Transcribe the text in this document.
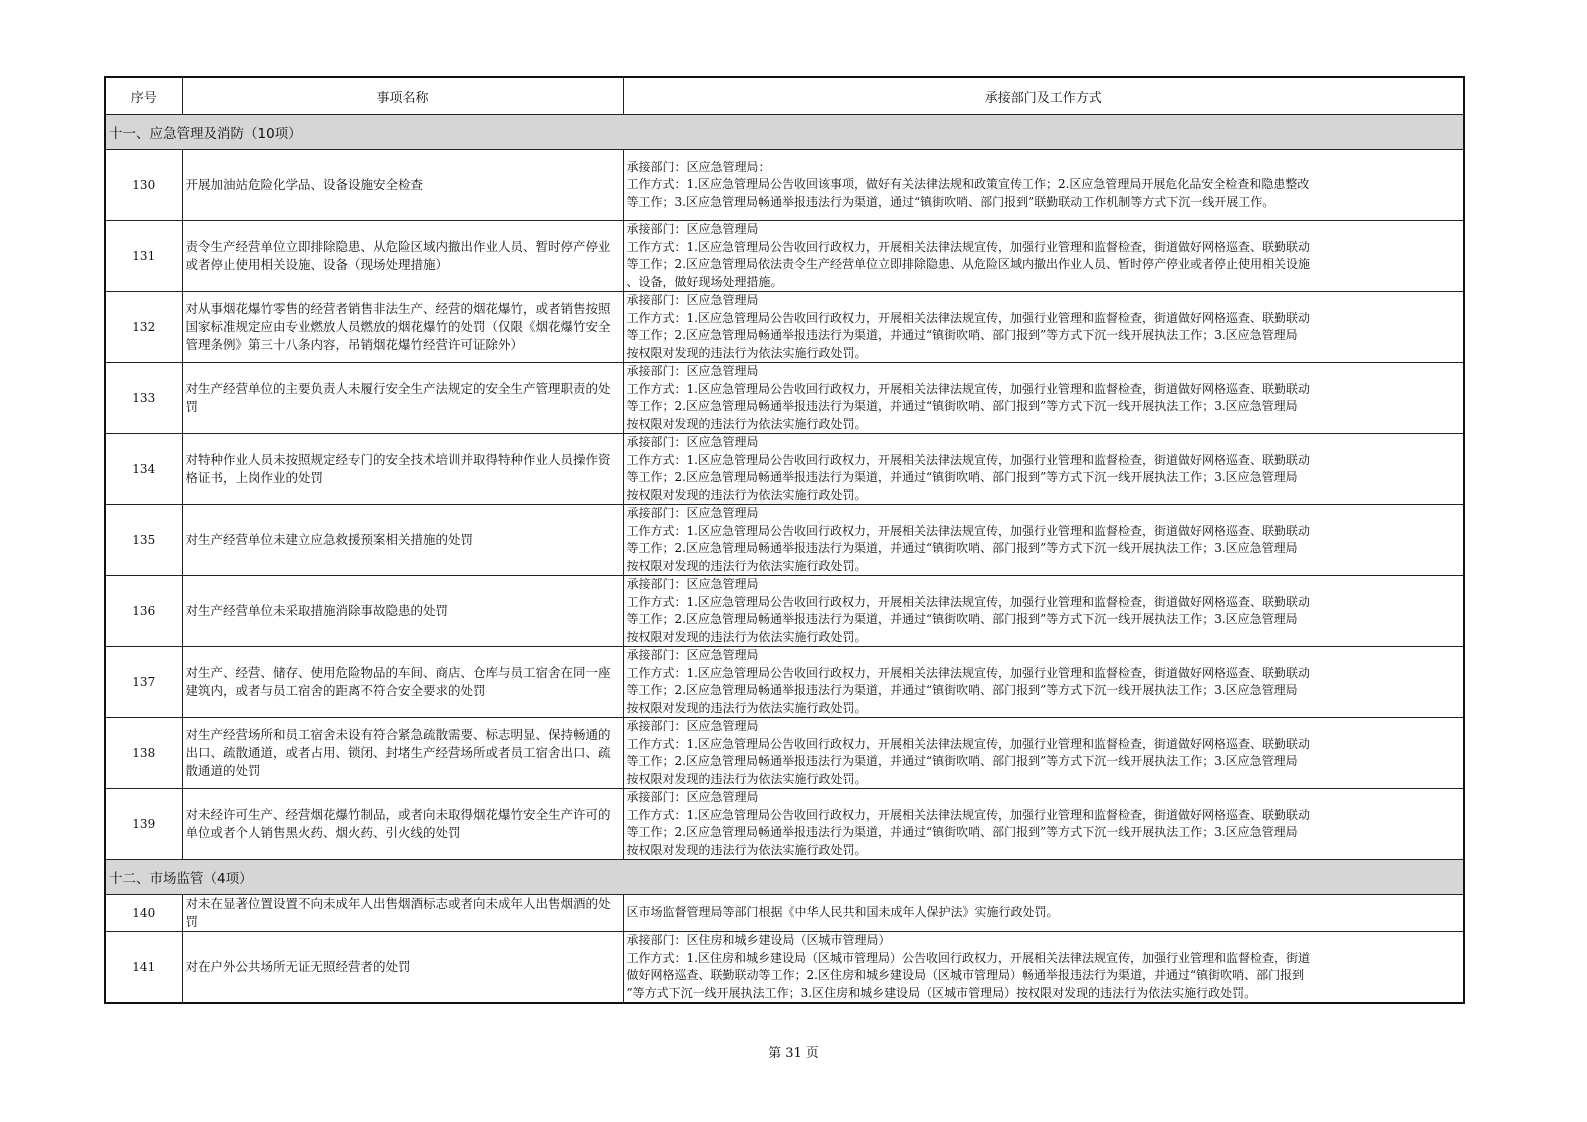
序号	事项名称	承接部门及工作方式
十一、应急管理及消防（10项）		
130	开展加油站危险化学品、设备设施安全检查	承接部门：区应急管理局：
工作方式：1.区应急管理局公告收回该事项，做好有关法律法规和政策宣传工作；2.区应急管理局开展危化品安全检查和隐患整改
等工作；3.区应急管理局畅通举报违法行为渠道，通过“镇街吹哨、部门报到”联勤联动工作机制等方式下沉一线开展工作。

131	责令生产经营单位立即排除隐患、从危险区域内撤出作业人员、暂时停产停业或者停止使用相关设施、设备（现场处理措施）	承接部门：区应急管理局
工作方式：1.区应急管理局公告收回行政权力，开展相关法律法规宣传，加强行业管理和监督检查，街道做好网格巡查、联勤联动
等工作；2.区应急管理局依法责令生产经营单位立即排除隐患、从危险区域内撤出作业人员、暂时停产停业或者停止使用相关设施
、设备，做好现场处理措施。

132	对从事烟花爆竹零售的经营者销售非法生产、经营的烟花爆竹，或者销售按照国家标准规定应由专业燃放人员燃放的烟花爆竹的处罚（仅限《烟花爆竹安全管理条例》第三十八条内容，吊销烟花爆竹经营许可证除外）	承接部门：区应急管理局
工作方式：1.区应急管理局公告收回行政权力，开展相关法律法规宣传，加强行业管理和监督检查，街道做好网格巡查、联勤联动
等工作；2.区应急管理局畅通举报违法行为渠道，并通过“镇街吹哨、部门报到”等方式下沉一线开展执法工作；3.区应急管理局
按权限对发现的违法行为依法实施行政处罚。

133	对生产经营单位的主要负责人未履行安全生产法规定的安全生产管理职责的处罚	承接部门：区应急管理局
工作方式：1.区应急管理局公告收回行政权力，开展相关法律法规宣传，加强行业管理和监督检查，街道做好网格巡查、联勤联动
等工作；2.区应急管理局畅通举报违法行为渠道，并通过“镇街吹哨、部门报到”等方式下沉一线开展执法工作；3.区应急管理局
按权限对发现的违法行为依法实施行政处罚。

134	对特种作业人员未按照规定经专门的安全技术培训并取得特种作业人员操作资格证书，上岗作业的处罚	承接部门：区应急管理局
工作方式：1.区应急管理局公告收回行政权力，开展相关法律法规宣传，加强行业管理和监督检查，街道做好网格巡查、联勤联动
等工作；2.区应急管理局畅通举报违法行为渠道，并通过“镇街吹哨、部门报到”等方式下沉一线开展执法工作；3.区应急管理局
按权限对发现的违法行为依法实施行政处罚。

135	对生产经营单位未建立应急救援预案相关措施的处罚	承接部门：区应急管理局
工作方式：1.区应急管理局公告收回行政权力，开展相关法律法规宣传，加强行业管理和监督检查，街道做好网格巡查、联勤联动
等工作；2.区应急管理局畅通举报违法行为渠道，并通过“镇街吹哨、部门报到”等方式下沉一线开展执法工作；3.区应急管理局
按权限对发现的违法行为依法实施行政处罚。

136	对生产经营单位未采取措施消除事故隐患的处罚	承接部门：区应急管理局
工作方式：1.区应急管理局公告收回行政权力，开展相关法律法规宣传，加强行业管理和监督检查，街道做好网格巡查、联勤联动
等工作；2.区应急管理局畅通举报违法行为渠道，并通过“镇街吹哨、部门报到”等方式下沉一线开展执法工作；3.区应急管理局
按权限对发现的违法行为依法实施行政处罚。

137	对生产、经营、储存、使用危险物品的车间、商店、仓库与员工宿舍在同一座建筑内，或者与员工宿舍的距离不符合安全要求的处罚	承接部门：区应急管理局
工作方式：1.区应急管理局公告收回行政权力，开展相关法律法规宣传，加强行业管理和监督检查，街道做好网格巡查、联勤联动
等工作；2.区应急管理局畅通举报违法行为渠道，并通过“镇街吹哨、部门报到”等方式下沉一线开展执法工作；3.区应急管理局
按权限对发现的违法行为依法实施行政处罚。

138	对生产经营场所和员工宿舍未设有符合紧急疏散需要、标志明显、保持畅通的出口、疏散通道，或者占用、锁闭、封堵生产经营场所或者员工宿舍出口、疏散通道的处罚	承接部门：区应急管理局
工作方式：1.区应急管理局公告收回行政权力，开展相关法律法规宣传，加强行业管理和监督检查，街道做好网格巡查、联勤联动
等工作；2.区应急管理局畅通举报违法行为渠道，并通过“镇街吹哨、部门报到”等方式下沉一线开展执法工作；3.区应急管理局
按权限对发现的违法行为依法实施行政处罚。

139	对未经许可生产、经营烟花爆竹制品，或者向未取得烟花爆竹安全生产许可的单位或者个人销售黑火药、烟火药、引火线的处罚	承接部门：区应急管理局
工作方式：1.区应急管理局公告收回行政权力，开展相关法律法规宣传，加强行业管理和监督检查，街道做好网格巡查、联勤联动
等工作；2.区应急管理局畅通举报违法行为渠道，并通过“镇街吹哨、部门报到”等方式下沉一线开展执法工作；3.区应急管理局
按权限对发现的违法行为依法实施行政处罚。

十二、市场监管（4项）		
140	对未在显著位置设置不向未成年人出售烟酒标志或者向未成年人出售烟酒的处罚	区市场监督管理局等部门根据《中华人民共和国未成年人保护法》实施行政处罚。

141	对在户外公共场所无证无照经营者的处罚	承接部门：区住房和城乡建设局（区城市管理局）
工作方式：1.区住房和城乡建设局（区城市管理局）公告收回行政权力，开展相关法律法规宣传，加强行业管理和监督检查，街道
做好网格巡查、联勤联动等工作；2.区住房和城乡建设局（区城市管理局）畅通举报违法行为渠道，并通过“镇街吹哨、部门报到
”等方式下沉一线开展执法工作；3.区住房和城乡建设局（区城市管理局）按权限对发现的违法行为依法实施行政处罚。
第 31 页
